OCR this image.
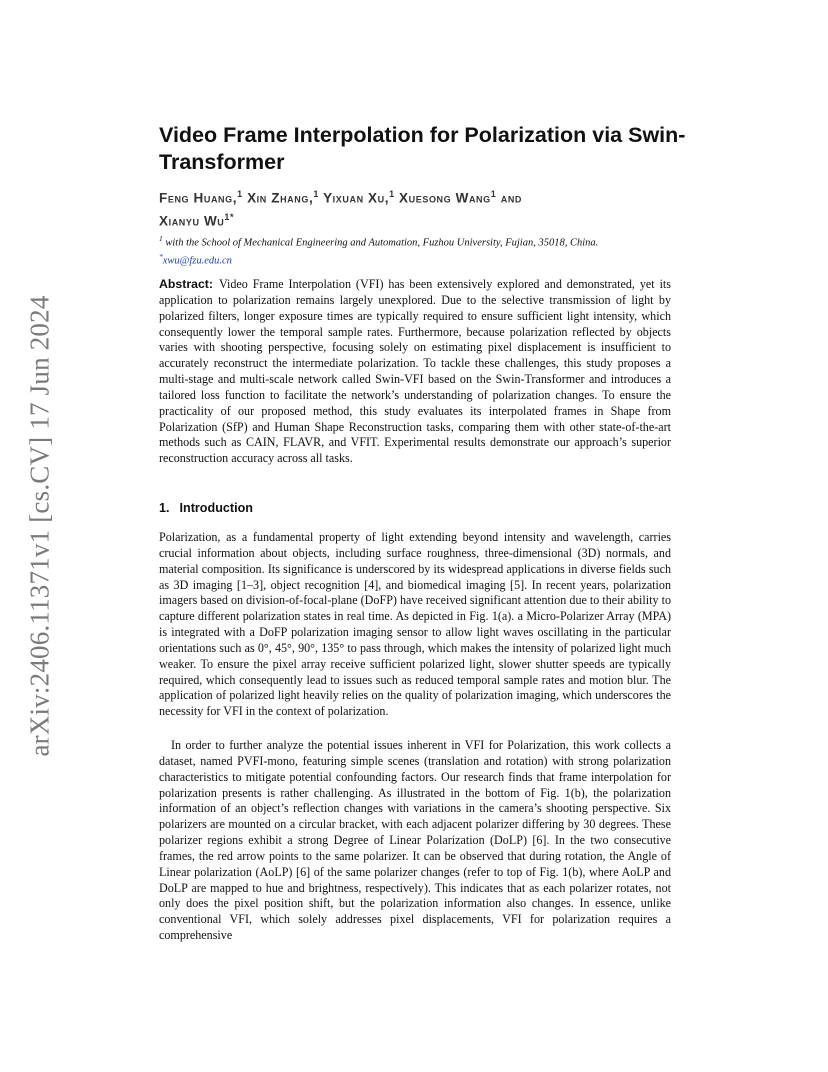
arXiv:2406.11371v1 [cs.CV] 17 Jun 2024
Video Frame Interpolation for Polarization via Swin-Transformer
Feng Huang,$^1$ Xin Zhang,$^1$ Yixuan Xu,$^1$ Xuesong Wang$^1$ and
Xianyu $Wu^{1*}$
$^1$ with the School of Mechanical Engineering and Automation, Fuzhou University, Fujian, 35018, China.
*xwu@fzu.edu.cn

Abstract: Video Frame Interpolation (VFI) has been extensively explored and demonstrated, yet its application to polarization remains largely unexplored. Due to the selective transmission of light by polarized filters, longer exposure times are typically required to ensure sufficient light intensity, which consequently lower the temporal sample rates. Furthermore, because polarization reflected by objects varies with shooting perspective, focusing solely on estimating pixel displacement is insufficient to accurately reconstruct the intermediate polarization. To tackle these challenges, this study proposes a multi-stage and multi-scale network called Swin-VFI based on the Swin-Transformer and introduces a tailored loss function to facilitate the network’s understanding of polarization changes. To ensure the practicality of our proposed method, this study evaluates its interpolated frames in Shape from Polarization (SfP) and Human Shape Reconstruction tasks, comparing them with other state-of-the-art methods such as CAIN, FLAVR, and VFIT. Experimental results demonstrate our approach’s superior reconstruction accuracy across all tasks.

1. Introduction

Polarization, as a fundamental property of light extending beyond intensity and wavelength, carries crucial information about objects, including surface roughness, three-dimensional (3D) normals, and material composition. Its significance is underscored by its widespread applications in diverse fields such as 3D imaging [1–3], object recognition [4], and biomedical imaging [5]. In recent years, polarization imagers based on division-of-focal-plane (DoFP) have received significant attention due to their ability to capture different polarization states in real time. As depicted in Fig. 1(a). a Micro-Polarizer Array (MPA) is integrated with a DoFP polarization imaging sensor to allow light waves oscillating in the particular orientations such as 0°, 45°, 90°, 135° to pass through, which makes the intensity of polarized light much weaker. To ensure the pixel array receive sufficient polarized light, slower shutter speeds are typically required, which consequently lead to issues such as reduced temporal sample rates and motion blur. The application of polarized light heavily relies on the quality of polarization imaging, which underscores the necessity for VFI in the context of polarization.

In order to further analyze the potential issues inherent in VFI for Polarization, this work collects a dataset, named PVFI-mono, featuring simple scenes (translation and rotation) with strong polarization characteristics to mitigate potential confounding factors. Our research finds that frame interpolation for polarization presents is rather challenging. As illustrated in the bottom of Fig. 1(b), the polarization information of an object’s reflection changes with variations in the camera’s shooting perspective. Six polarizers are mounted on a circular bracket, with each adjacent polarizer differing by 30 degrees. These polarizer regions exhibit a strong Degree of Linear Polarization (DoLP) [6]. In the two consecutive frames, the red arrow points to the same polarizer. It can be observed that during rotation, the Angle of Linear polarization (AoLP) [6] of the same polarizer changes (refer to top of Fig. 1(b), where AoLP and DoLP are mapped to hue and brightness, respectively). This indicates that as each polarizer rotates, not only does the pixel position shift, but the polarization information also changes. In essence, unlike conventional VFI, which solely addresses pixel displacements, VFI for polarization requires a comprehensive
